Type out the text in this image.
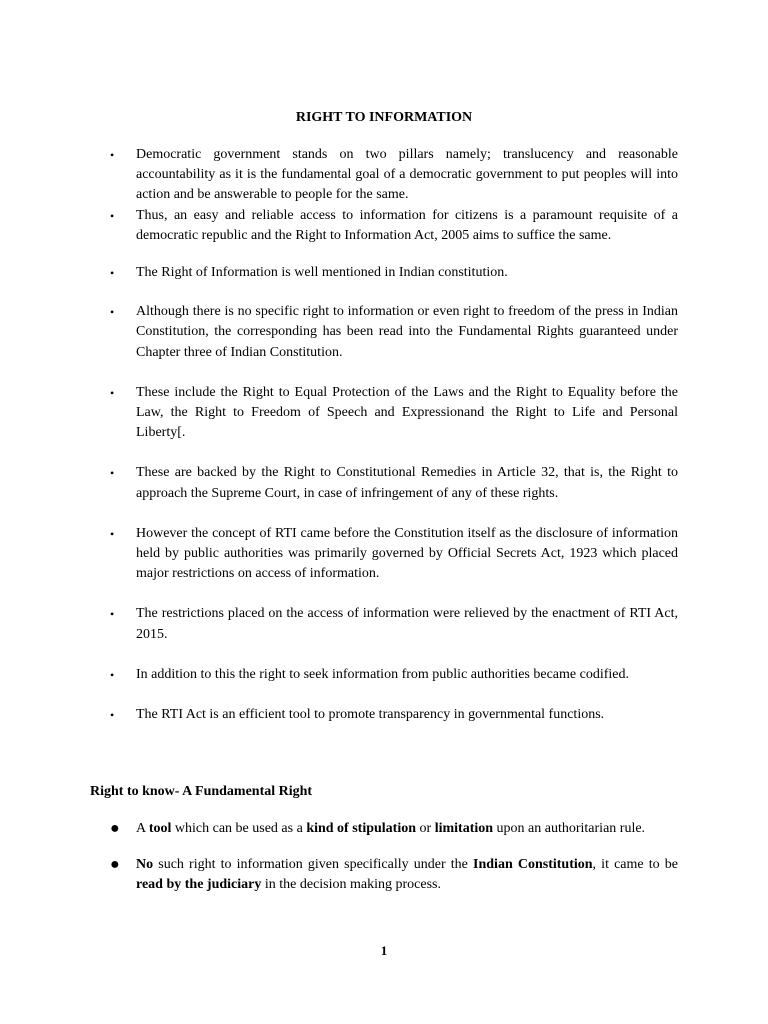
RIGHT TO INFORMATION
• Democratic government stands on two pillars namely; translucency and reasonable accountability as it is the fundamental goal of a democratic government to put peoples will into action and be answerable to people for the same.
• Thus, an easy and reliable access to information for citizens is a paramount requisite of a democratic republic and the Right to Information Act, 2005 aims to suffice the same.
• The Right of Information is well mentioned in Indian constitution.
• Although there is no specific right to information or even right to freedom of the press in Indian Constitution, the corresponding has been read into the Fundamental Rights guaranteed under Chapter three of Indian Constitution.
• These include the Right to Equal Protection of the Laws and the Right to Equality before the Law, the Right to Freedom of Speech and Expressionand the Right to Life and Personal Liberty[.
• These are backed by the Right to Constitutional Remedies in Article 32, that is, the Right to approach the Supreme Court, in case of infringement of any of these rights.
• However the concept of RTI came before the Constitution itself as the disclosure of information held by public authorities was primarily governed by Official Secrets Act, 1923 which placed major restrictions on access of information.
• The restrictions placed on the access of information were relieved by the enactment of RTI Act, 2015.
• In addition to this the right to seek information from public authorities became codified.
• The RTI Act is an efficient tool to promote transparency in governmental functions.
Right to know- A Fundamental Right
● A tool which can be used as a kind of stipulation or limitation upon an authoritarian rule.
● No such right to information given specifically under the Indian Constitution, it came to be read by the judiciary in the decision making process.
1
